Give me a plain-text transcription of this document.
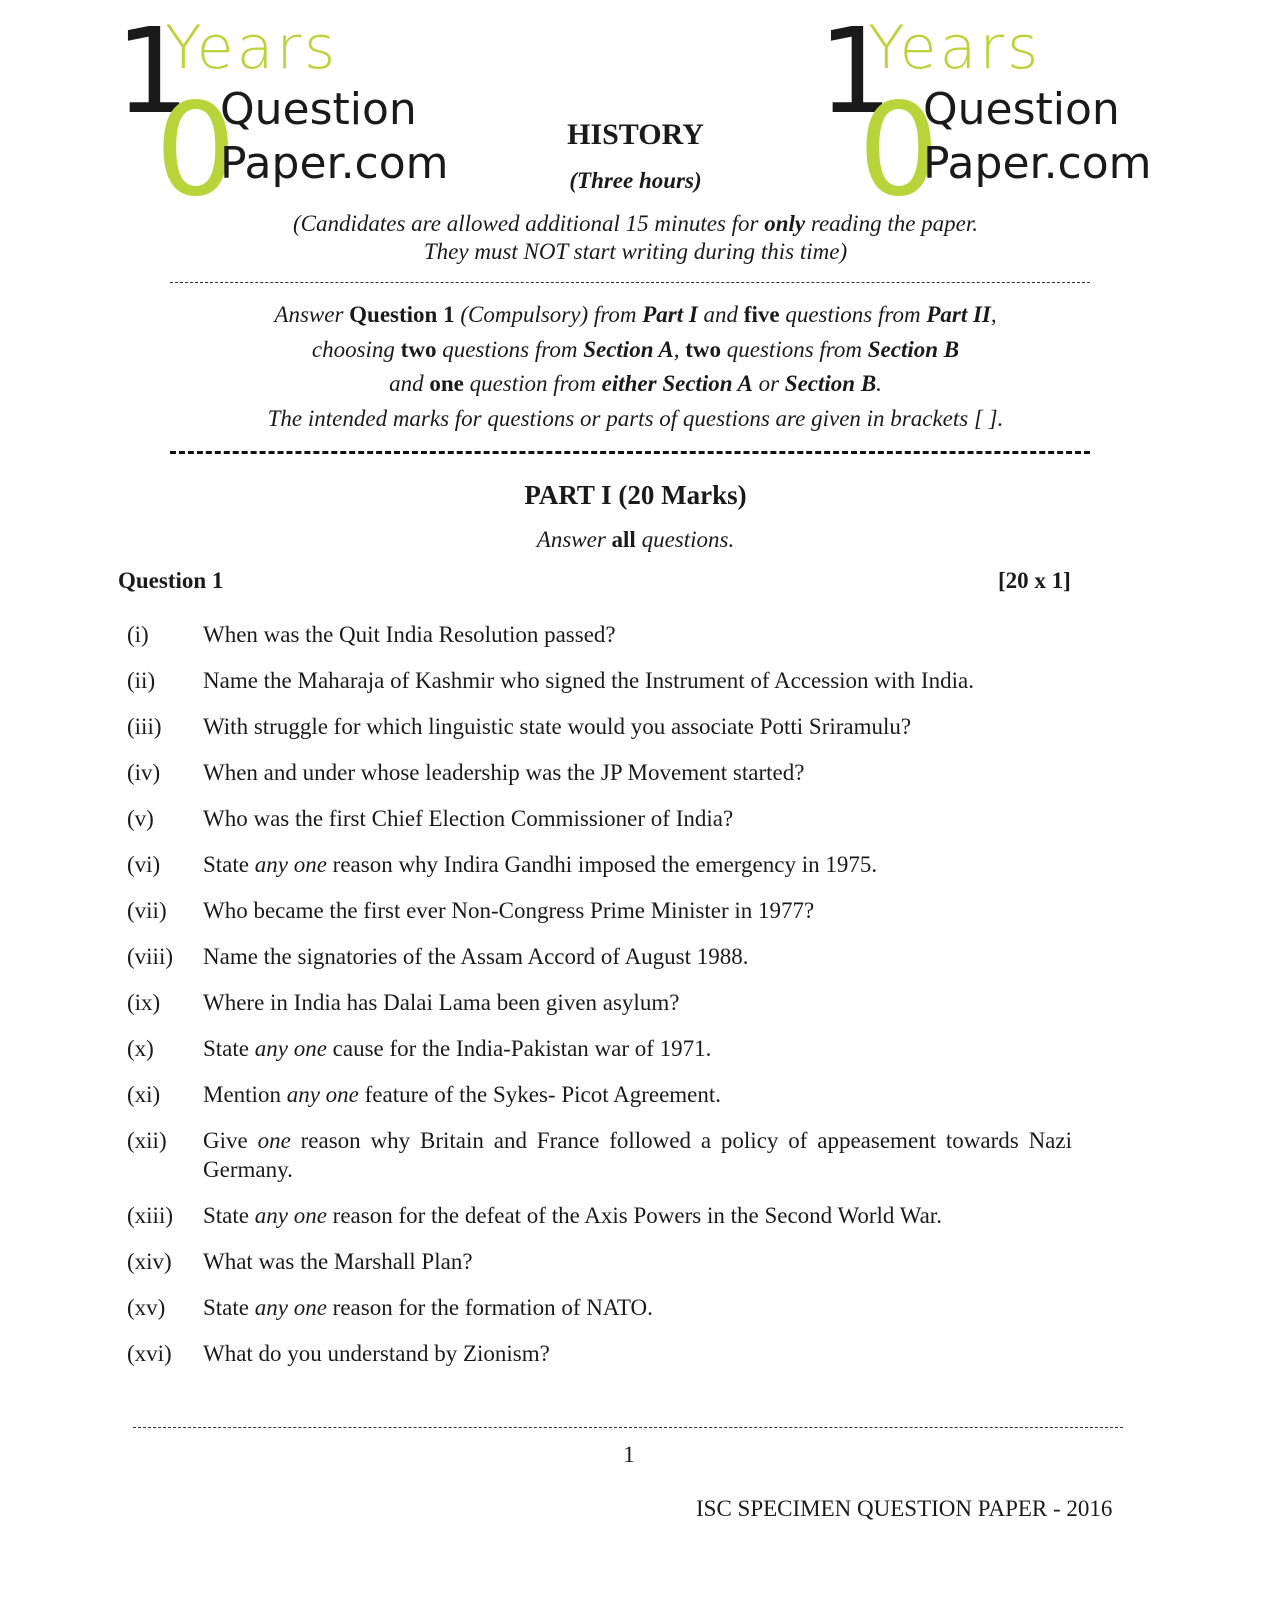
1
0
Years
Question
Paper.com
1
0
Years
Question
Paper.com
HISTORY
(Three hours)
(Candidates are allowed additional 15 minutes for only reading the paper.
They must NOT start writing during this time)
Answer Question 1 (Compulsory) from Part I and five questions from Part II,
choosing two questions from Section A, two questions from Section B
and one question from either Section A or Section B.
The intended marks for questions or parts of questions are given in brackets [ ].
PART I (20 Marks)
Answer all questions.
Question 1	[20 x 1]
(i)	When was the Quit India Resolution passed?
(ii)	Name the Maharaja of Kashmir who signed the Instrument of Accession with India.
(iii)	With struggle for which linguistic state would you associate Potti Sriramulu?
(iv)	When and under whose leadership was the JP Movement started?
(v)	Who was the first Chief Election Commissioner of India?
(vi)	State any one reason why Indira Gandhi imposed the emergency in 1975.
(vii)	Who became the first ever Non-Congress Prime Minister in 1977?
(viii)	Name the signatories of the Assam Accord of August 1988.
(ix)	Where in India has Dalai Lama been given asylum?
(x)	State any one cause for the India-Pakistan war of 1971.
(xi)	Mention any one feature of the Sykes- Picot Agreement.
(xii)	Give one reason why Britain and France followed a policy of appeasement towards Nazi Germany.
(xiii)	State any one reason for the defeat of the Axis Powers in the Second World War.
(xiv)	What was the Marshall Plan?
(xv)	State any one reason for the formation of NATO.
(xvi)	What do you understand by Zionism?
1
ISC SPECIMEN QUESTION PAPER - 2016
